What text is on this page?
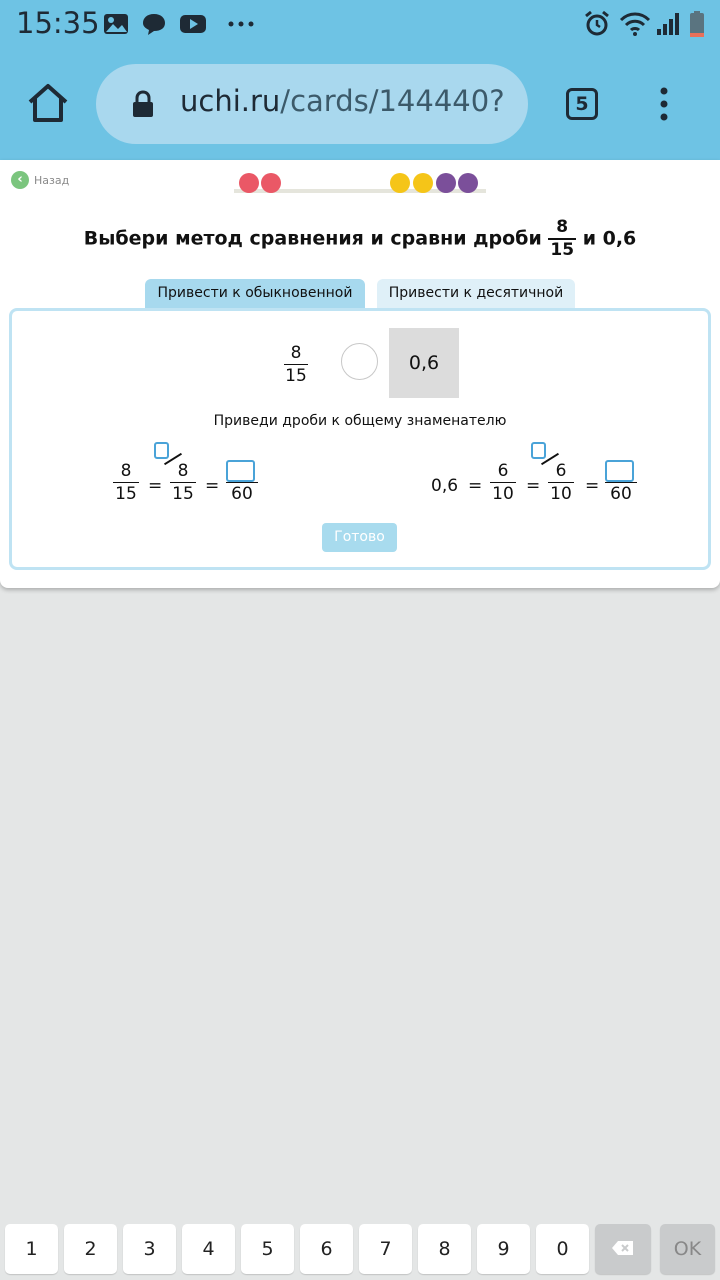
15:35
uchi.ru/cards/144440?	5
‹	Назад
Выбери метод сравнения и сравни дроби $\frac{8}{15}$ и 0,6
Привести к обыкновенной	Привести к десятичной
8
15
0,6
Приведи дроби к общему знаменателю
8
15 =
8
15 = 60	0,6 =
6
10 =
6
10 = 60
Готово
1	2	3	4	5	6	7	8	9	0	OK
